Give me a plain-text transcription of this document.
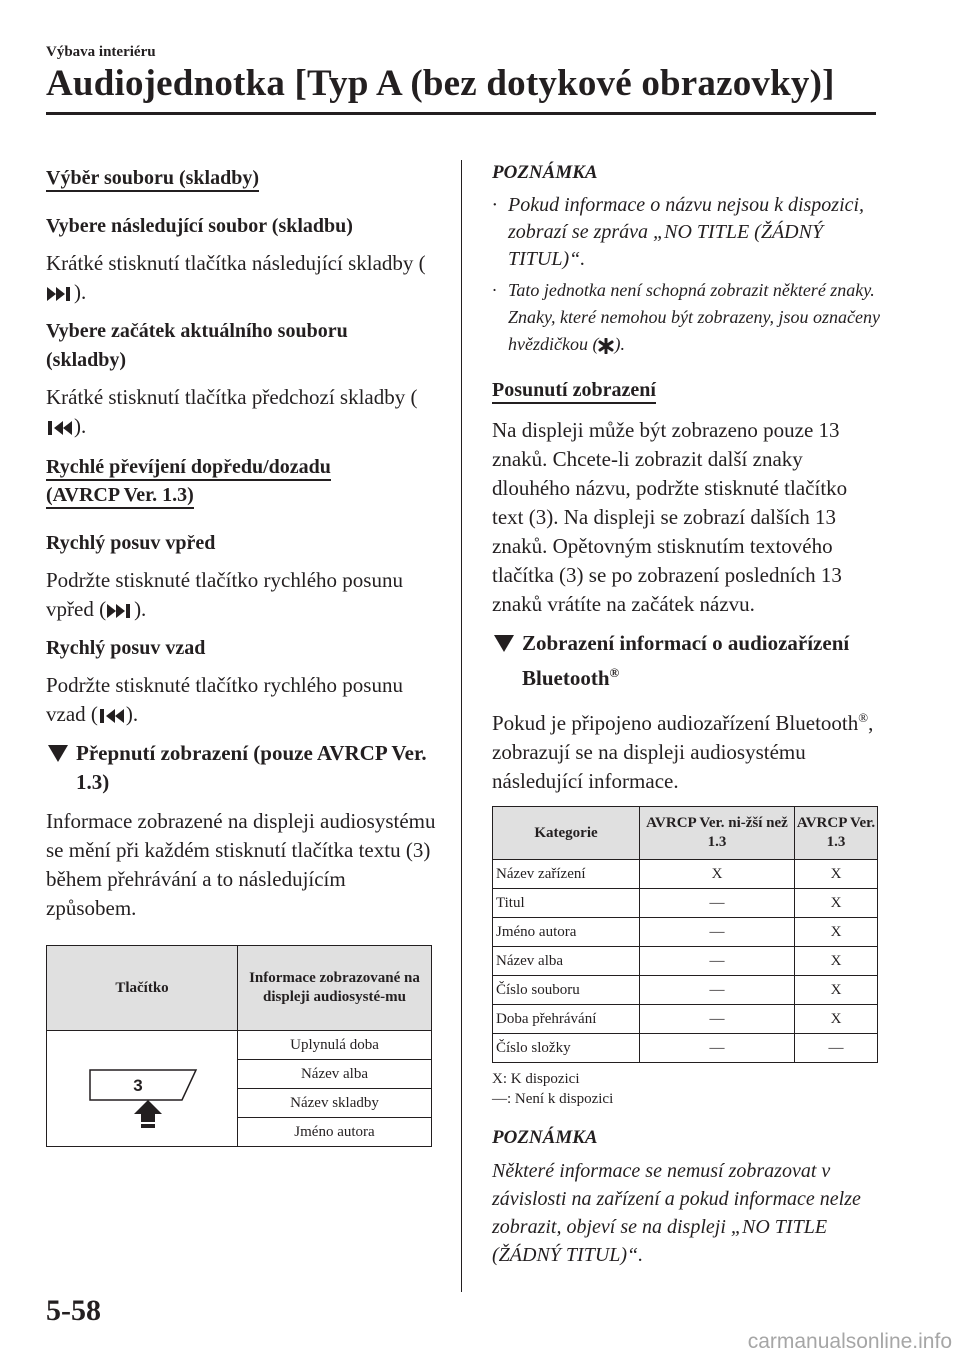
Výbava interiéru
Audiojednotka [Typ A (bez dotykové obrazovky)]
Výběr souboru (skladby)
Vybere následující soubor (skladbu)
Krátké stisknutí tlačítka následující skladby ().
Vybere začátek aktuálního souboru
(skladby)
Krátké stisknutí tlačítka předchozí skladby ().
Rychlé převíjení dopředu/dozadu
(AVRCP Ver. 1.3)
Rychlý posuv vpřed
Podržte stisknuté tlačítko rychlého posunu vpřed ( ).
Rychlý posuv vzad
Podržte stisknuté tlačítko rychlého posunu vzad ( ).
Přepnutí zobrazení (pouze AVRCP Ver. 1.3)
Informace zobrazené na displeji audiosystému se mění při každém stisknutí tlačítka textu (3) během přehrávání a to následujícím způsobem.
Tlačítko	Informace zobrazované na displeji audiosysté-mu

3	Uplynulá doba
	Název alba
	Název skladby
	Jméno autora
POZNÁMKA
· Pokud informace o názvu nejsou k dispozici, zobrazí se zpráva „NO TITLE (ŽÁDNÝ TITUL)“.
· Tato jednotka není schopná zobrazit některé znaky. Znaky, které nemohou být zobrazeny, jsou označeny hvězdičkou ( ).
Posunutí zobrazení
Na displeji může být zobrazeno pouze 13 znaků. Chcete-li zobrazit další znaky dlouhého názvu, podržte stisknuté tlačítko text (3). Na displeji se zobrazí dalších 13 znaků. Opětovným stisknutím textového tlačítka (3) se po zobrazení posledních 13 znaků vrátíte na začátek názvu.
Zobrazení informací o audiozařízení Bluetooth®
Pokud je připojeno audiozařízení Bluetooth®, zobrazují se na displeji audiosystému následující informace.
Kategorie	AVRCP Ver. ni-žší než 1.3	AVRCP Ver. 1.3
Název zařízení	X	X
Titul	—	X
Jméno autora	—	X
Název alba	—	X
Číslo souboru	—	X
Doba přehrávání	—	X
Číslo složky	—	—
X: K dispozici
—: Není k dispozici
POZNÁMKA
Některé informace se nemusí zobrazovat v závislosti na zařízení a pokud informace nelze zobrazit, objeví se na displeji „NO TITLE (ŽÁDNÝ TITUL)“.
5-58
carmanualsonline.info
